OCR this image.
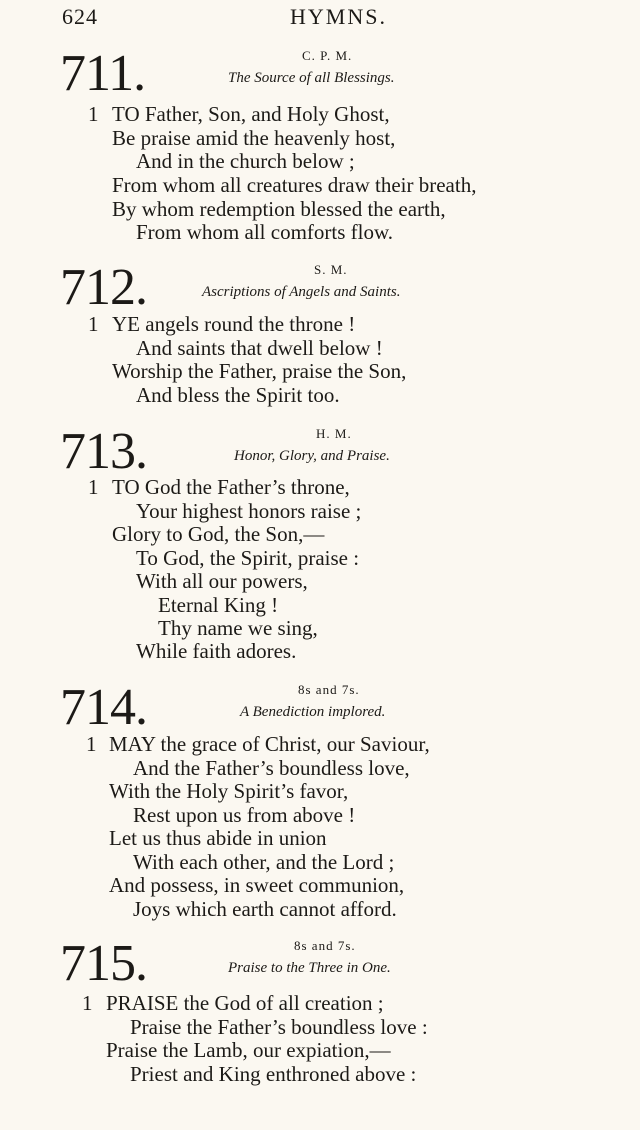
624	HYMNS.
711.	C. P. M.
The Source of all Blessings.
1 TO Father, Son, and Holy Ghost,
Be praise amid the heavenly host,
And in the church below ;
From whom all creatures draw their breath,
By whom redemption blessed the earth,
From whom all comforts flow.
712.	S. M.
Ascriptions of Angels and Saints.
1 YE angels round the throne !
And saints that dwell below !
Worship the Father, praise the Son,
And bless the Spirit too.
713.	H. M.
Honor, Glory, and Praise.
1 TO God the Father’s throne,
Your highest honors raise ;
Glory to God, the Son,—
To God, the Spirit, praise :
With all our powers,
Eternal King !
Thy name we sing,
While faith adores.
714.	8s and 7s.
A Benediction implored.
1 MAY the grace of Christ, our Saviour,
And the Father’s boundless love,
With the Holy Spirit’s favor,
Rest upon us from above !
Let us thus abide in union
With each other, and the Lord ;
And possess, in sweet communion,
Joys which earth cannot afford.
715.	8s and 7s.
Praise to the Three in One.
1 PRAISE the God of all creation ;
Praise the Father’s boundless love :
Praise the Lamb, our expiation,—
Priest and King enthroned above :
